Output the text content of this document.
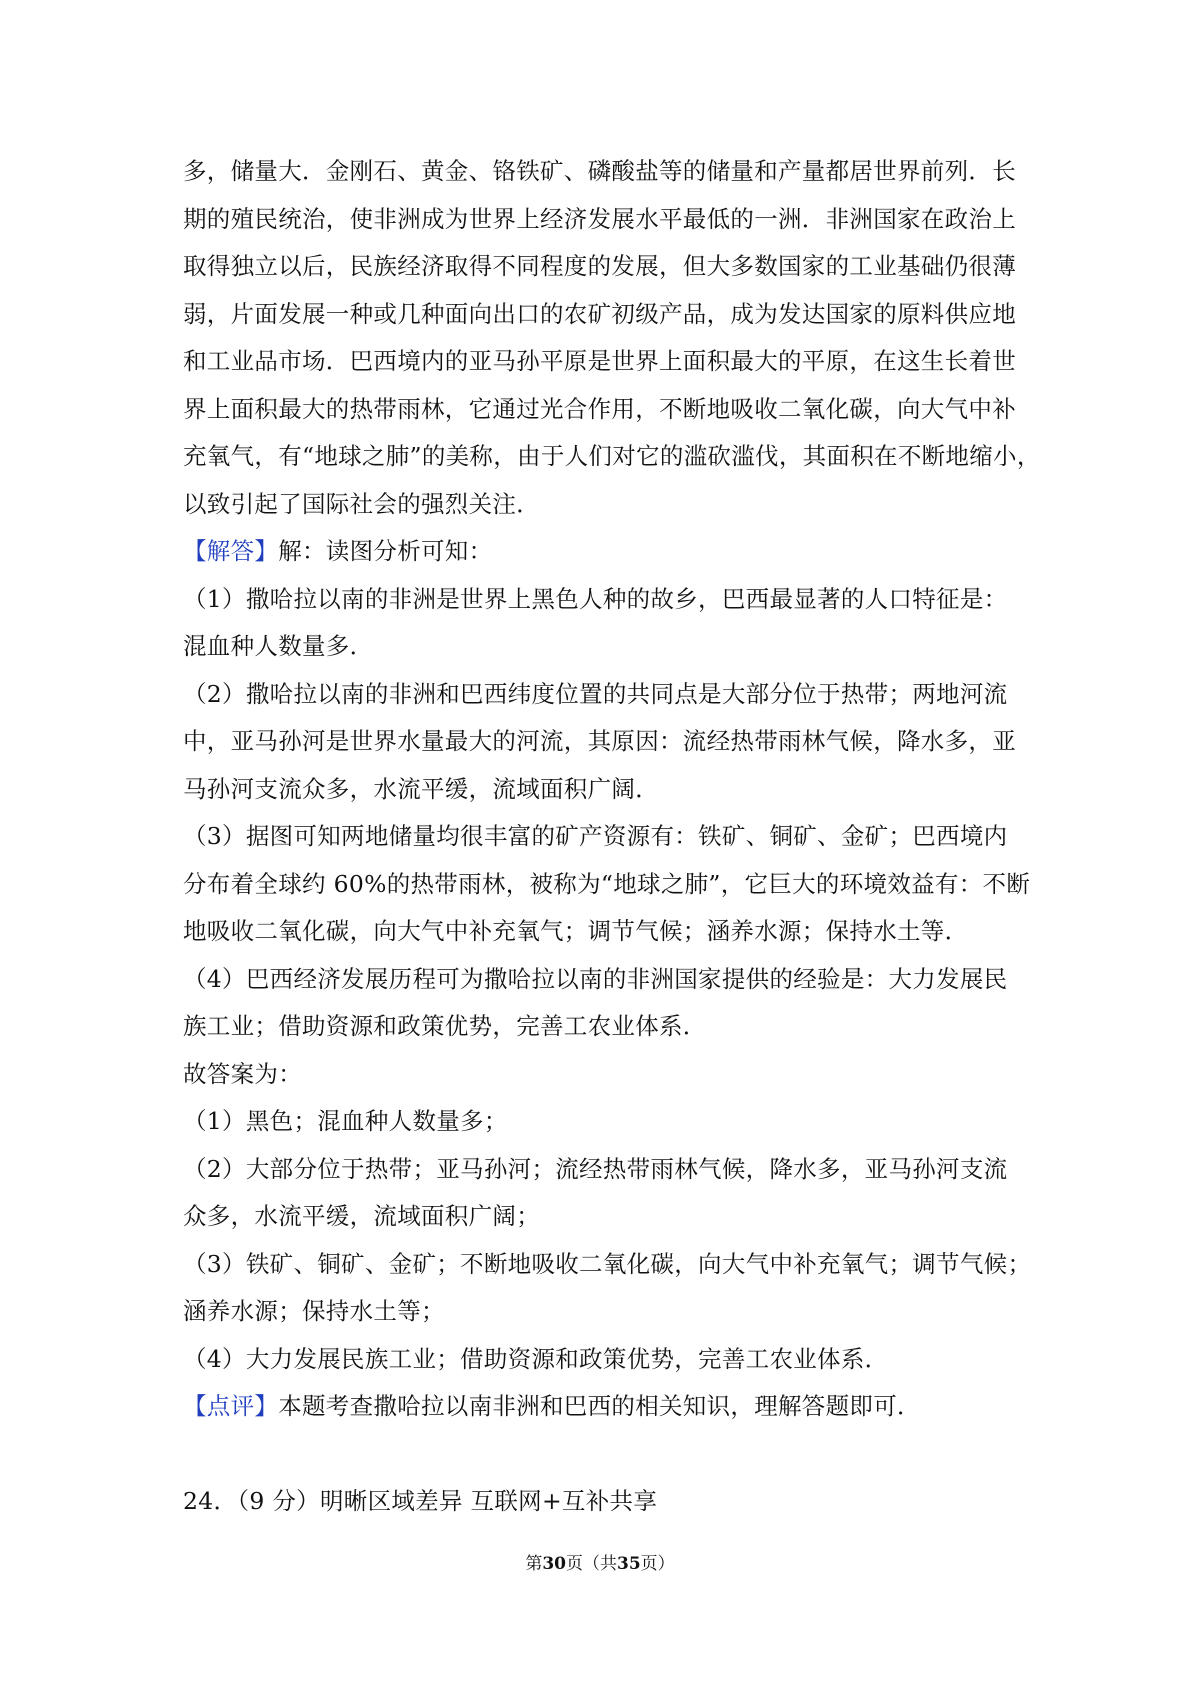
多，储量大．金刚石、黄金、铬铁矿、磷酸盐等的储量和产量都居世界前列．长
期的殖民统治，使非洲成为世界上经济发展水平最低的一洲．非洲国家在政治上
取得独立以后，民族经济取得不同程度的发展，但大多数国家的工业基础仍很薄
弱，片面发展一种或几种面向出口的农矿初级产品，成为发达国家的原料供应地
和工业品市场．巴西境内的亚马孙平原是世界上面积最大的平原，在这生长着世
界上面积最大的热带雨林，它通过光合作用，不断地吸收二氧化碳，向大气中补
充氧气，有“地球之肺”的美称，由于人们对它的滥砍滥伐，其面积在不断地缩小，
以致引起了国际社会的强烈关注．
【解答】解：读图分析可知：
（1）撒哈拉以南的非洲是世界上黑色人种的故乡，巴西最显著的人口特征是：
混血种人数量多．
（2）撒哈拉以南的非洲和巴西纬度位置的共同点是大部分位于热带；两地河流
中，亚马孙河是世界水量最大的河流，其原因：流经热带雨林气候，降水多，亚
马孙河支流众多，水流平缓，流域面积广阔．
（3）据图可知两地储量均很丰富的矿产资源有：铁矿、铜矿、金矿；巴西境内
分布着全球约 60%的热带雨林，被称为“地球之肺”，它巨大的环境效益有：不断
地吸收二氧化碳，向大气中补充氧气；调节气候；涵养水源；保持水土等．
（4）巴西经济发展历程可为撒哈拉以南的非洲国家提供的经验是：大力发展民
族工业；借助资源和政策优势，完善工农业体系．
故答案为：
（1）黑色；混血种人数量多；
（2）大部分位于热带；亚马孙河；流经热带雨林气候，降水多，亚马孙河支流
众多，水流平缓，流域面积广阔；
（3）铁矿、铜矿、金矿；不断地吸收二氧化碳，向大气中补充氧气；调节气候；
涵养水源；保持水土等；
（4）大力发展民族工业；借助资源和政策优势，完善工农业体系．
【点评】本题考查撒哈拉以南非洲和巴西的相关知识，理解答题即可．
24．（9 分）明晰区域差异 互联网+互补共享
第30页（共35页）
